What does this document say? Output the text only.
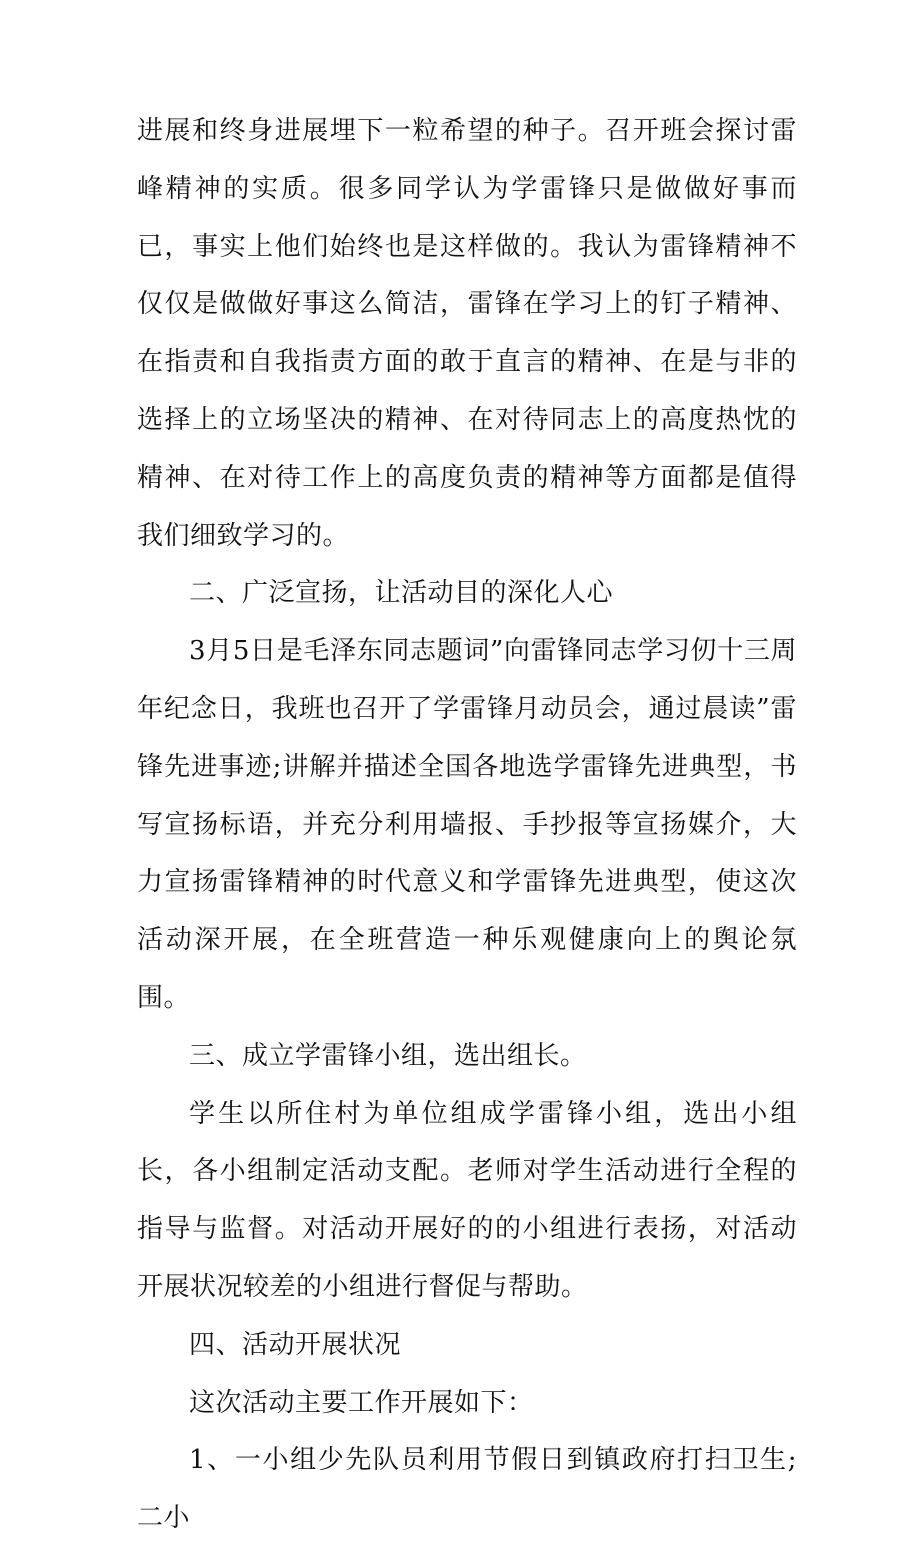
进展和终身进展埋下一粒希望的种子。召开班会探讨雷峰精神的实质。很多同学认为学雷锋只是做做好事而已，事实上他们始终也是这样做的。我认为雷锋精神不仅仅是做做好事这么简洁，雷锋在学习上的钉子精神、在指责和自我指责方面的敢于直言的精神、在是与非的选择上的立场坚决的精神、在对待同志上的高度热忱的精神、在对待工作上的高度负责的精神等方面都是值得我们细致学习的。

二、广泛宣扬，让活动目的深化人心

3月5日是毛泽东同志题词”向雷锋同志学习仞十三周年纪念日，我班也召开了学雷锋月动员会，通过晨读”雷锋先进事迹;讲解并描述全国各地选学雷锋先进典型，书写宣扬标语，并充分利用墙报、手抄报等宣扬媒介，大力宣扬雷锋精神的时代意义和学雷锋先进典型，使这次活动深开展，在全班营造一种乐观健康向上的舆论氛围。

三、成立学雷锋小组，选出组长。

学生以所住村为单位组成学雷锋小组，选出小组长，各小组制定活动支配。老师对学生活动进行全程的指导与监督。对活动开展好的的小组进行表扬，对活动开展状况较差的小组进行督促与帮助。

四、活动开展状况

这次活动主要工作开展如下：

1、一小组少先队员利用节假日到镇政府打扫卫生;二小
